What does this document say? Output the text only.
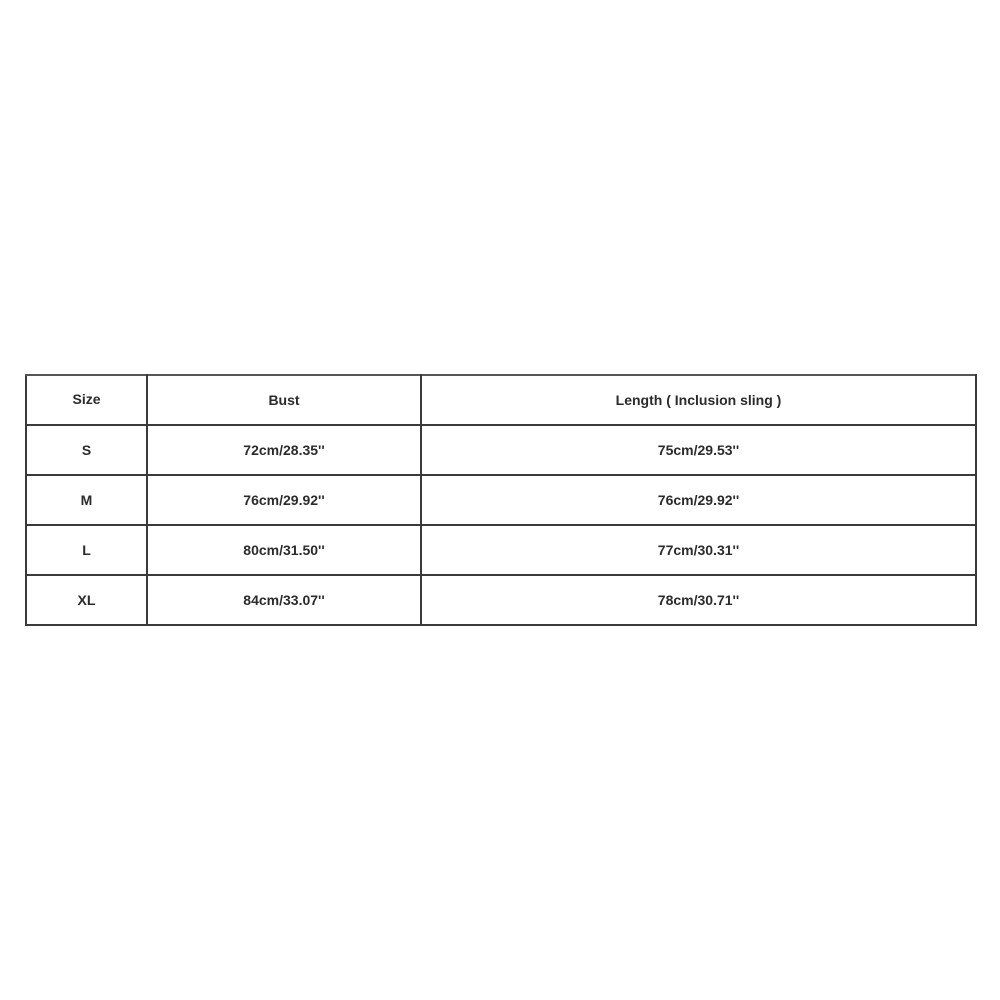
Size	Bust	Length ( Inclusion sling )
S	72cm/28.35''	75cm/29.53''
M	76cm/29.92''	76cm/29.92''
L	80cm/31.50''	77cm/30.31''
XL	84cm/33.07''	78cm/30.71''
